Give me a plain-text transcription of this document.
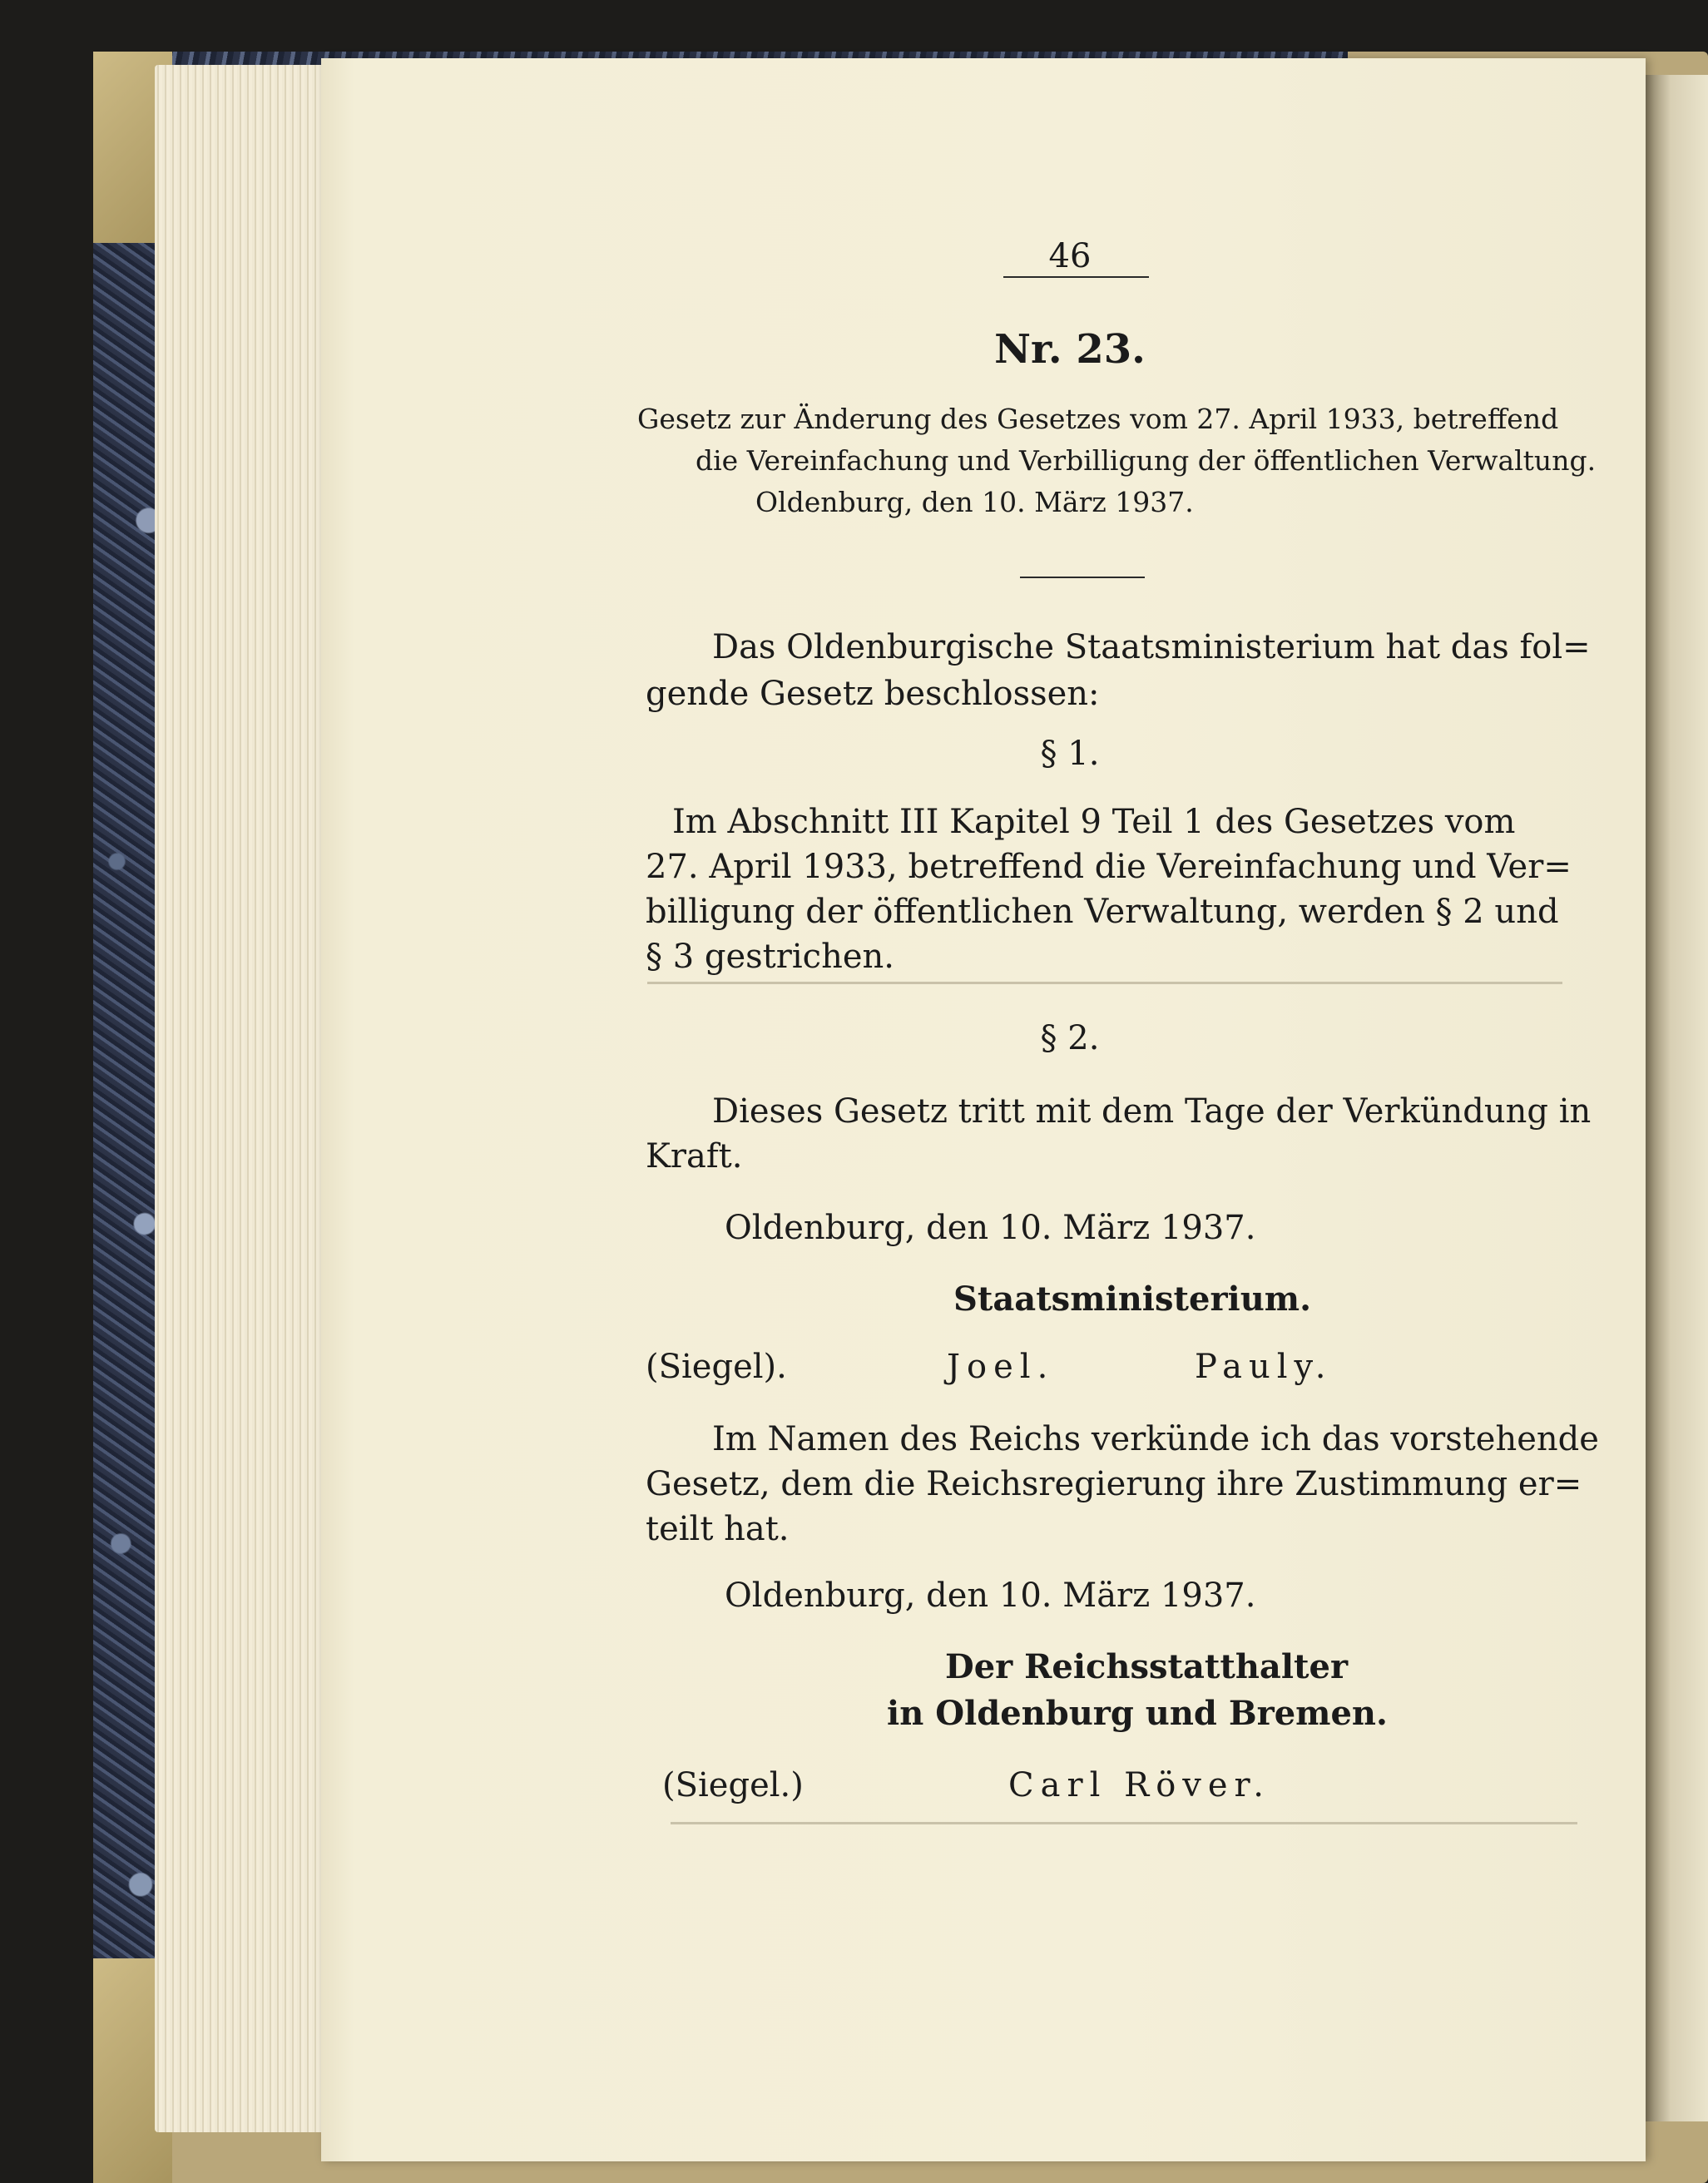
46
Nr. 23.
Gesetz zur Änderung des Gesetzes vom 27. April 1933, betreffend
die Vereinfachung und Verbilligung der öffentlichen Verwaltung.
Oldenburg, den 10. März 1937.
Das Oldenburgische Staatsministerium hat das fol=
gende Gesetz beschlossen:
§ 1.
Im Abschnitt III Kapitel 9 Teil 1 des Gesetzes vom
27. April 1933, betreffend die Vereinfachung und Ver=
billigung der öffentlichen Verwaltung, werden § 2 und
§ 3 gestrichen.
§ 2.
Dieses Gesetz tritt mit dem Tage der Verkündung in
Kraft.
Oldenburg, den 10. März 1937.
Staatsministerium.
(Siegel).	Joel.	Pauly.
Im Namen des Reichs verkünde ich das vorstehende
Gesetz, dem die Reichsregierung ihre Zustimmung er=
teilt hat.
Oldenburg, den 10. März 1937.
Der Reichsstatthalter
in Oldenburg und Bremen.
(Siegel.)	Carl Röver.
